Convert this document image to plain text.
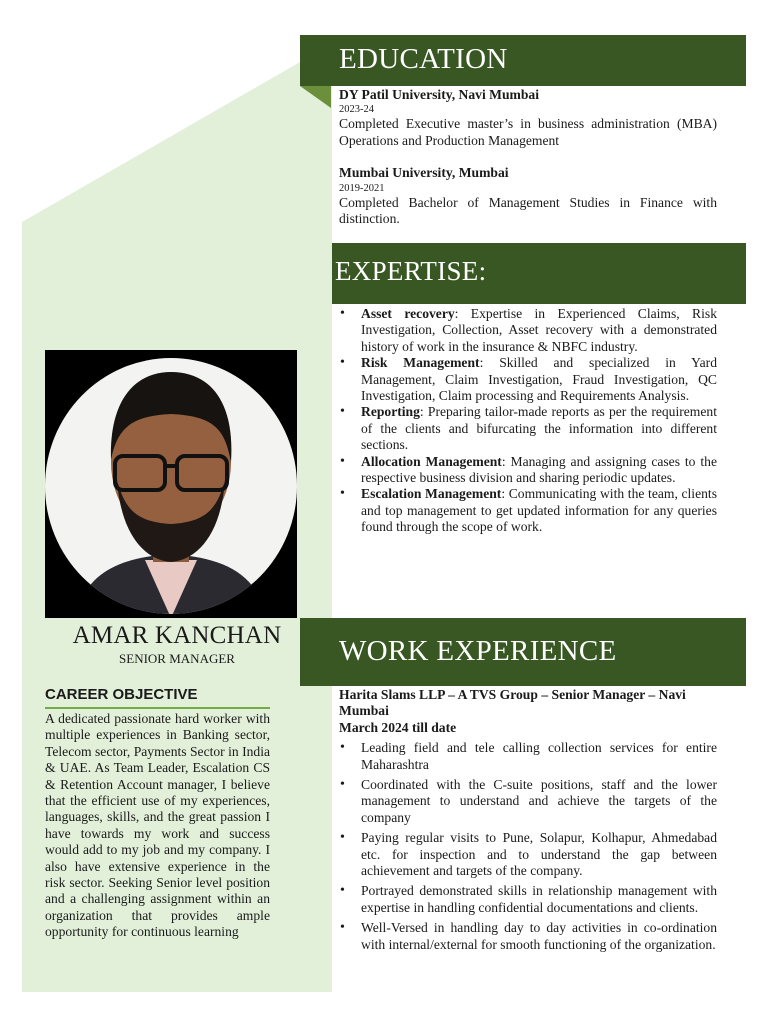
EDUCATION

DY Patil University, Navi Mumbai

2023-24

Completed Executive master’s in business administration (MBA) Operations and Production Management

Mumbai University, Mumbai

2019-2021

Completed Bachelor of Management Studies in Finance with distinction.

EXPERTISE:
• Asset recovery: Expertise in Experienced Claims, Risk Investigation, Collection, Asset recovery with a demonstrated history of work in the insurance & NBFC industry.
• Risk Management: Skilled and specialized in Yard Management, Claim Investigation, Fraud Investigation, QC Investigation, Claim processing and Requirements Analysis.
• Reporting: Preparing tailor-made reports as per the requirement of the clients and bifurcating the information into different sections.
• Allocation Management: Managing and assigning cases to the respective business division and sharing periodic updates.
• Escalation Management: Communicating with the team, clients and top management to get updated information for any queries found through the scope of work.
AMAR KANCHAN
SENIOR MANAGER
CAREER OBJECTIVE
A dedicated passionate hard worker with multiple experiences in Banking sector, Telecom sector, Payments Sector in India & UAE. As Team Leader, Escalation CS & Retention Account manager, I believe that the efficient use of my experiences, languages, skills, and the great passion I have towards my work and success would add to my job and my company. I also have extensive experience in the risk sector. Seeking Senior level position and a challenging assignment within an organization that provides ample opportunity for continuous learning
WORK EXPERIENCE

Harita Slams LLP – A TVS Group – Senior Manager – Navi Mumbai

March 2024 till date

• Leading field and tele calling collection services for entire Maharashtra
• Coordinated with the C-suite positions, staff and the lower management to understand and achieve the targets of the company
• Paying regular visits to Pune, Solapur, Kolhapur, Ahmedabad etc. for inspection and to understand the gap between achievement and targets of the company.
• Portrayed demonstrated skills in relationship management with expertise in handling confidential documentations and clients.
• Well-Versed in handling day to day activities in co-ordination with internal/external for smooth functioning of the organization.
